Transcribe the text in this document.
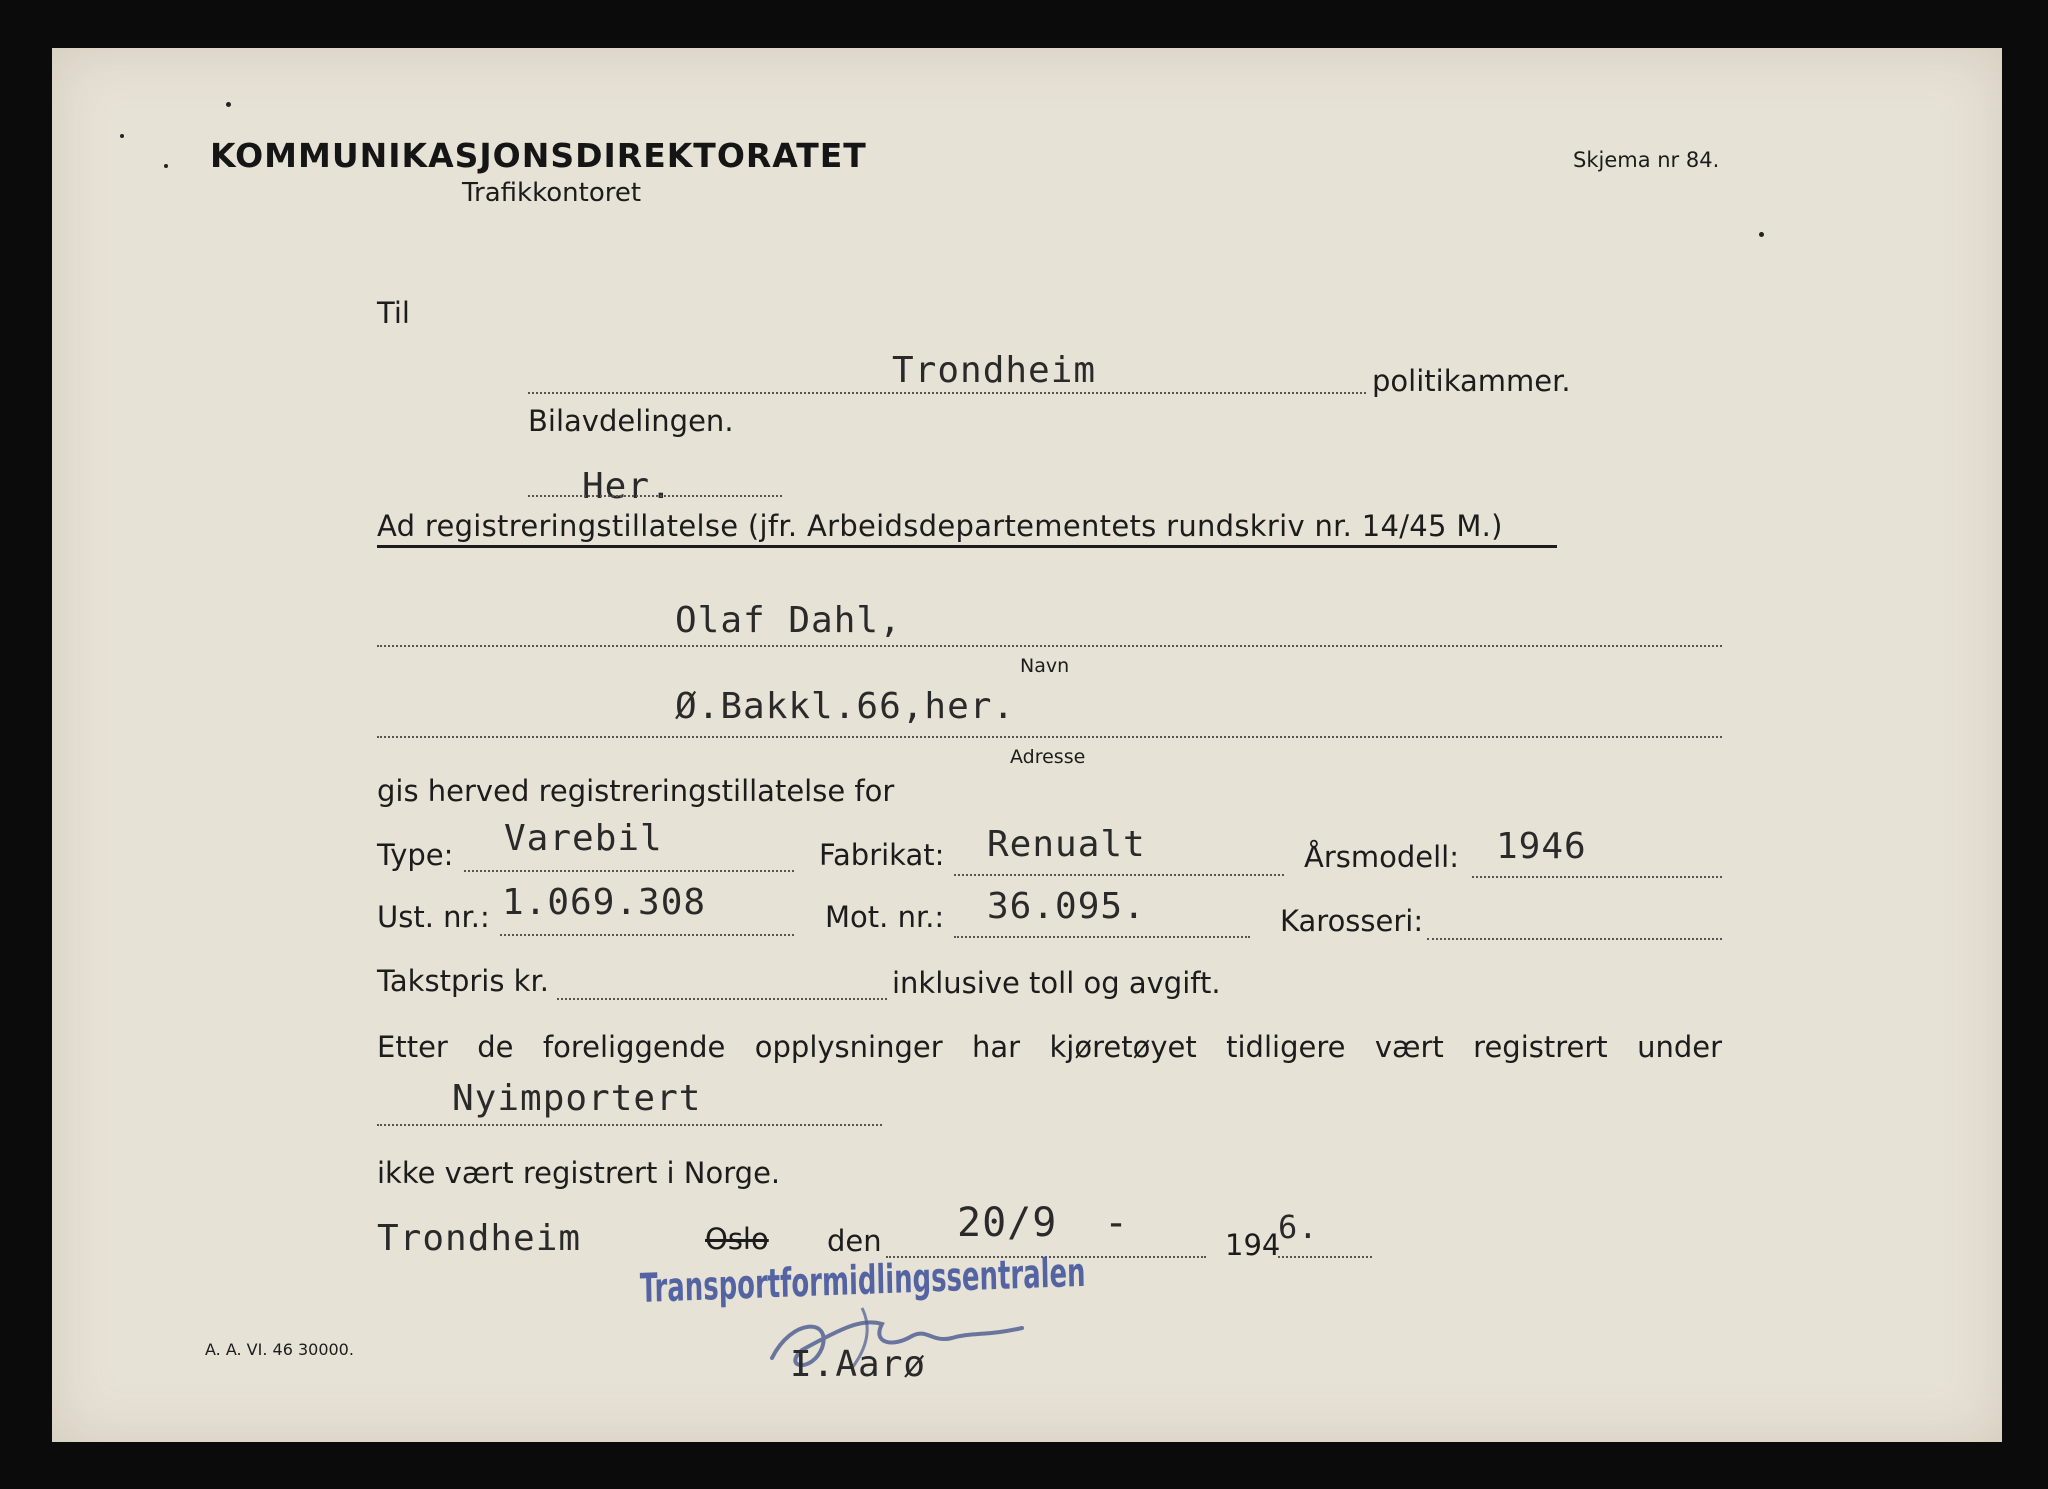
KOMMUNIKASJONSDIREKTORATET
Trafikkontoret
Skjema nr 84.
Til
Trondheim	politikammer.
Bilavdelingen.
Her.
Ad registreringstillatelse (jfr. Arbeidsdepartementets rundskriv nr. 14/45 M.)
Olaf Dahl,
Navn
Ø.Bakkl.66,her.
Adresse
gis herved registreringstillatelse for
Type: Varebil	Fabrikat: Renualt	Årsmodell: 1946
Ust. nr.: 1.069.308	Mot. nr.: 36.095.	Karosseri:
Takstpris kr.	inklusive toll og avgift.
Etter de foreliggende opplysninger har kjøretøyet tidligere vært registrert under
Nyimportert
ikke vært registrert i Norge.
Trondheim	Oslo den 20/9 -	194
6.
Transportformidlingssentralen
I.Aarø
A. A. VI. 46 30000.
